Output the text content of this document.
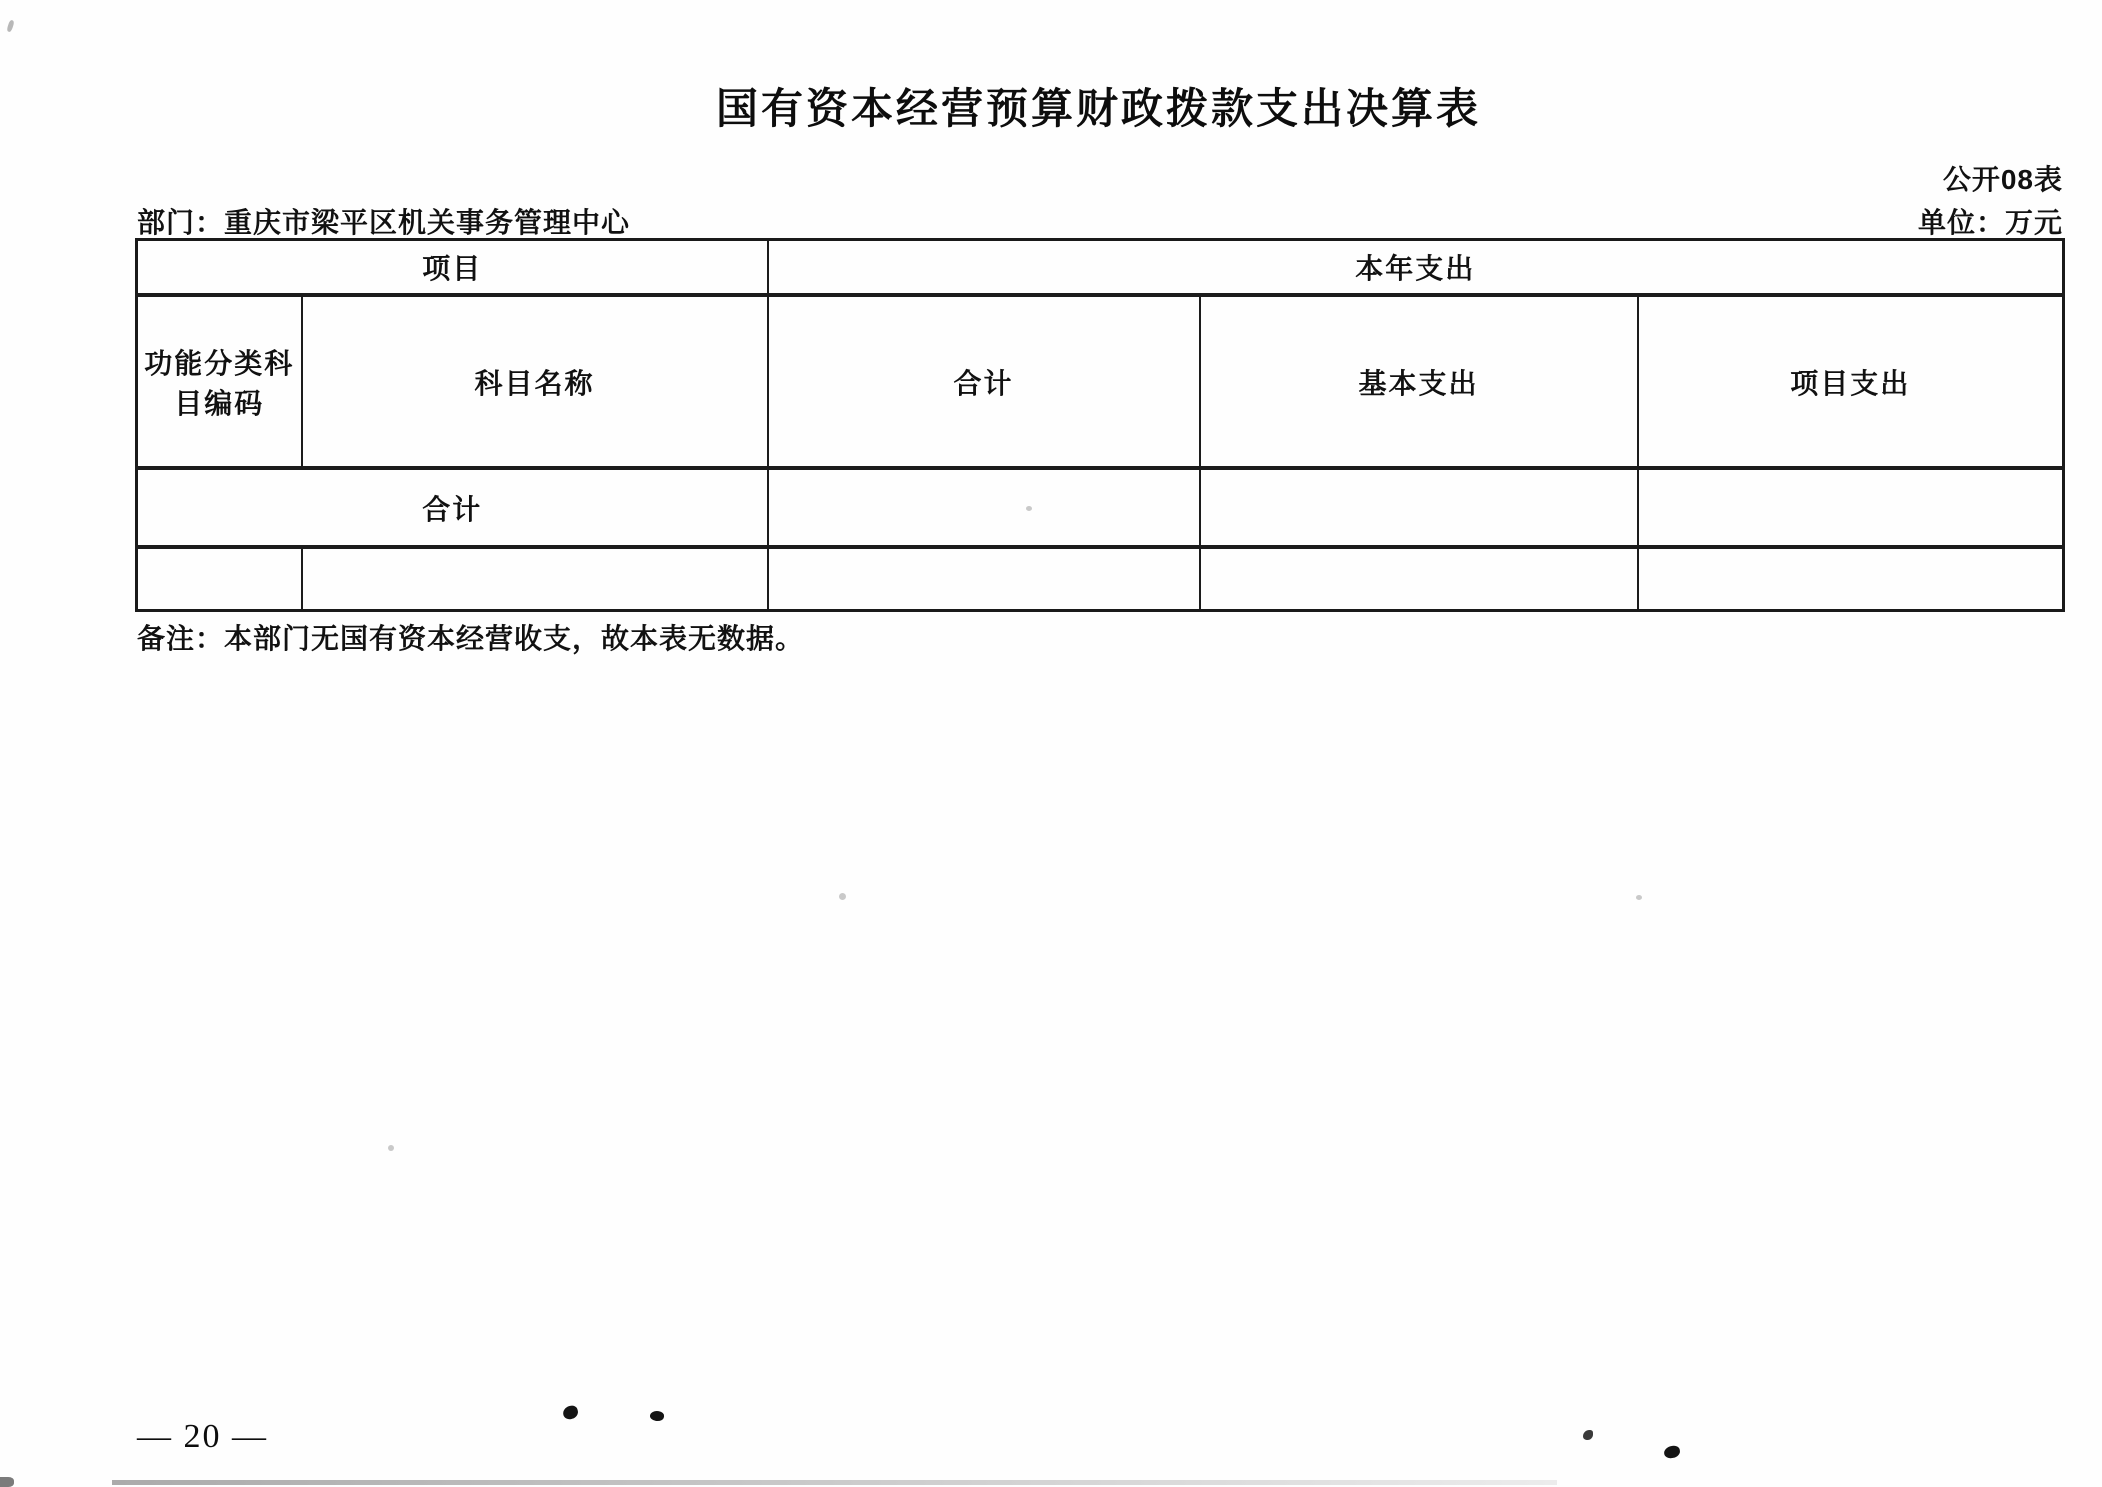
国有资本经营预算财政拨款支出决算表
公开08表
部门：重庆市梁平区机关事务管理中心	单位：万元
项目		本年支出		
功能分类科目编码	科目名称	合计	基本支出	项目支出
合计				

备注：本部门无国有资本经营收支，故本表无数据。
— 20 —
